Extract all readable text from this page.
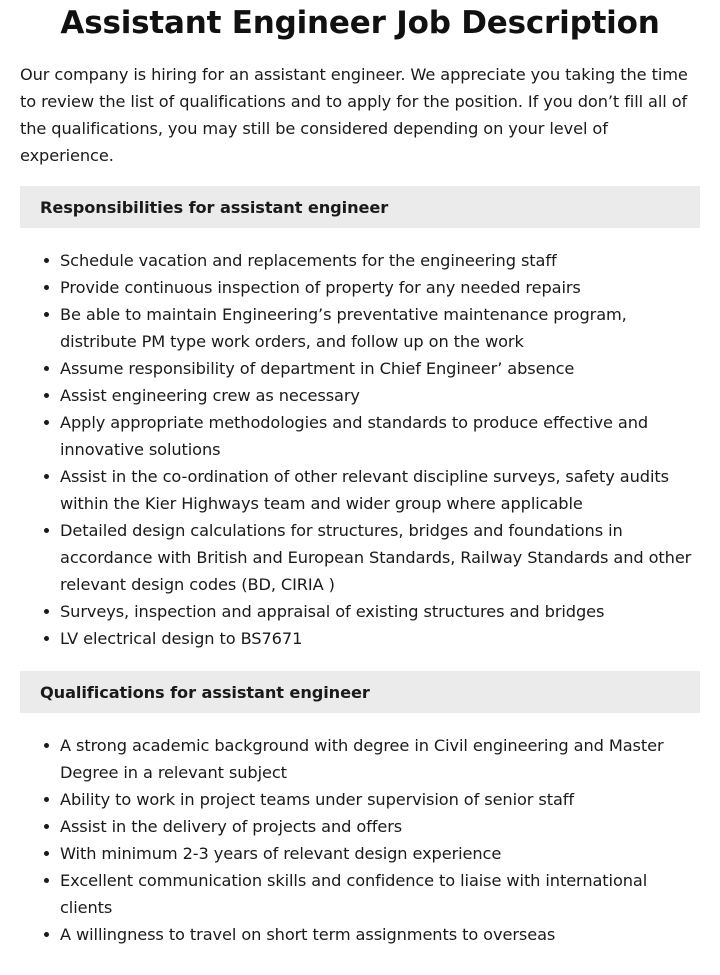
Assistant Engineer Job Description

Our company is hiring for an assistant engineer. We appreciate you taking the time to review the list of qualifications and to apply for the position. If you don’t fill all of the qualifications, you may still be considered depending on your level of experience.

Responsibilities for assistant engineer
Schedule vacation and replacements for the engineering staff
Provide continuous inspection of property for any needed repairs
Be able to maintain Engineering’s preventative maintenance program, distribute PM type work orders, and follow up on the work
Assume responsibility of department in Chief Engineer’ absence
Assist engineering crew as necessary
Apply appropriate methodologies and standards to produce effective and innovative solutions
Assist in the co-ordination of other relevant discipline surveys, safety audits within the Kier Highways team and wider group where applicable
Detailed design calculations for structures, bridges and foundations in accordance with British and European Standards, Railway Standards and other relevant design codes (BD, CIRIA )
Surveys, inspection and appraisal of existing structures and bridges
LV electrical design to BS7671
Qualifications for assistant engineer
A strong academic background with degree in Civil engineering and Master Degree in a relevant subject
Ability to work in project teams under supervision of senior staff
Assist in the delivery of projects and offers
With minimum 2-3 years of relevant design experience
Excellent communication skills and confidence to liaise with international clients
A willingness to travel on short term assignments to overseas
